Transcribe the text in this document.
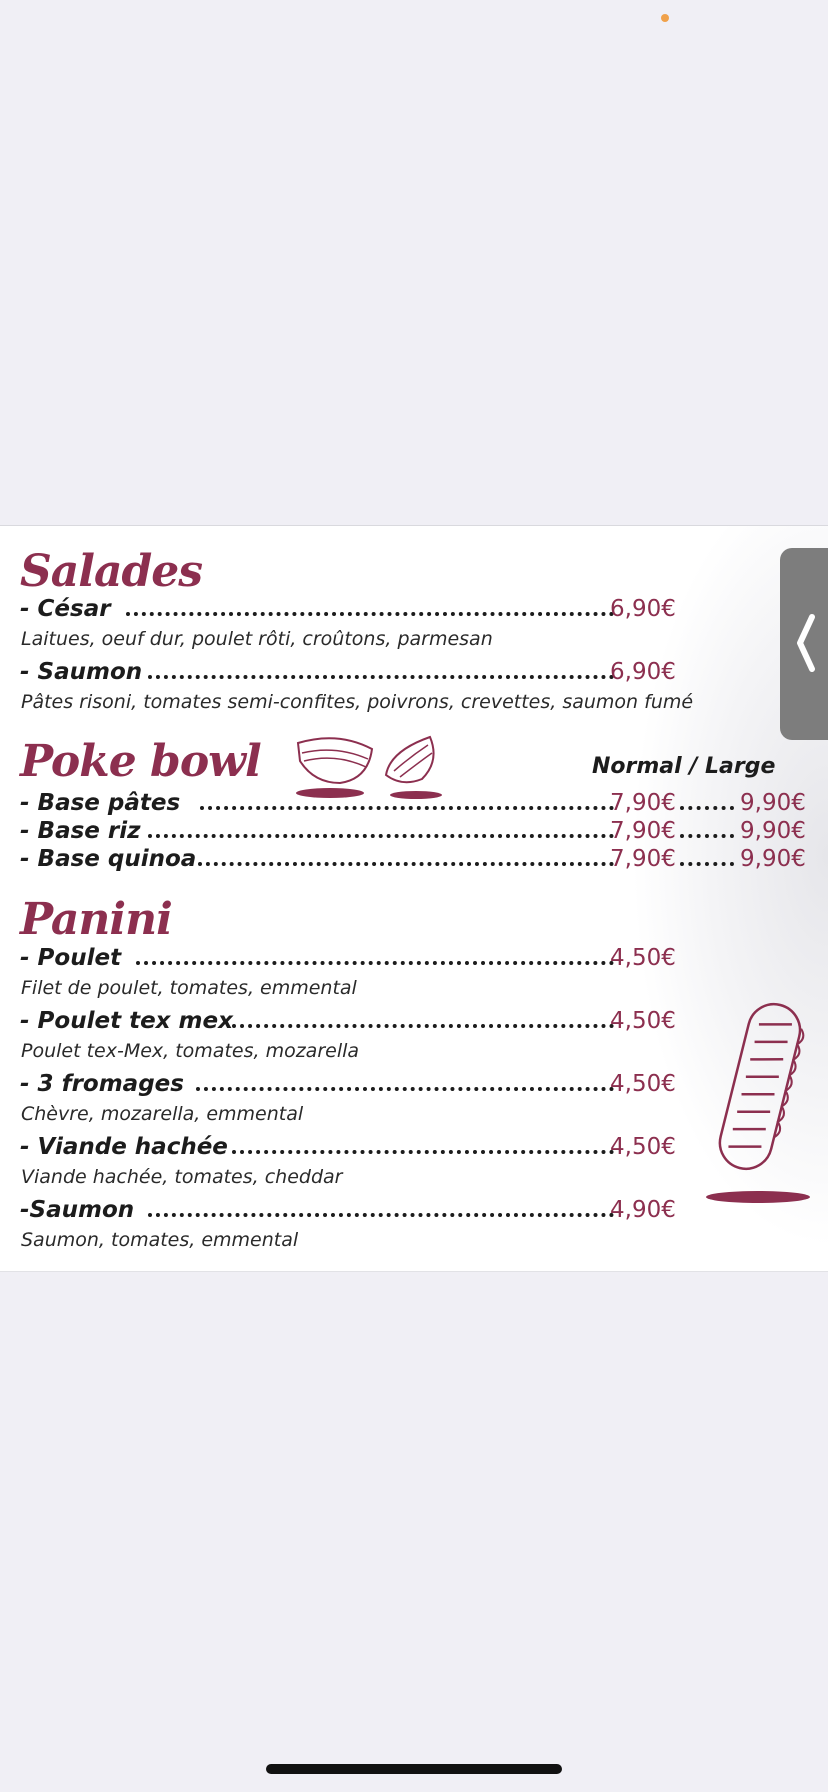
Salades
- César	6,90€
Laitues, oeuf dur, poulet rôti, croûtons, parmesan
- Saumon	6,90€
Pâtes risoni, tomates semi-confites, poivrons, crevettes, saumon fumé
Poke bowl	Normal / Large
- Base pâtes	7,90€	9,90€
- Base riz	7,90€	9,90€
- Base quinoa	7,90€	9,90€
Panini
- Poulet	4,50€
Filet de poulet, tomates, emmental
- Poulet tex mex	4,50€
Poulet tex-Mex, tomates, mozarella
- 3 fromages	4,50€
Chèvre, mozarella, emmental
- Viande hachée	4,50€
Viande hachée, tomates, cheddar
-Saumon	4,90€
Saumon, tomates, emmental
